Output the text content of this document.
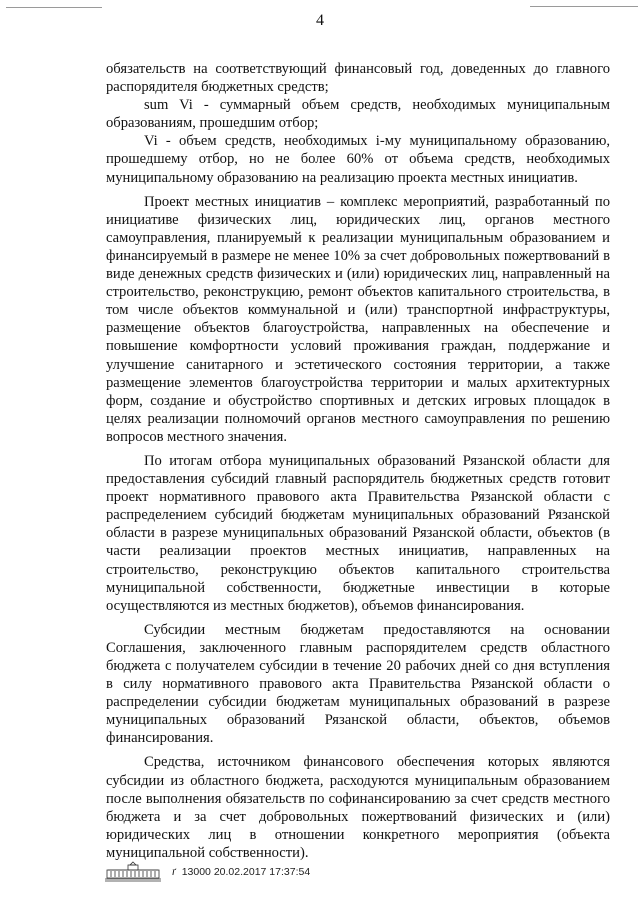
4

обязательств на соответствующий финансовый год, доведенных до главного распорядителя бюджетных средств;

sum Vi - суммарный объем средств, необходимых муниципальным образованиям, прошедшим отбор;

Vi - объем средств, необходимых i-му муниципальному образованию, прошедшему отбор, но не более 60% от объема средств, необходимых муниципальному образованию на реализацию проекта местных инициатив.

Проект местных инициатив – комплекс мероприятий, разработанный по инициативе физических лиц, юридических лиц, органов местного самоуправления, планируемый к реализации муниципальным образованием и финансируемый в размере не менее 10% за счет добровольных пожертвований в виде денежных средств физических и (или) юридических лиц, направленный на строительство, реконструкцию, ремонт объектов капитального строительства, в том числе объектов коммунальной и (или) транспортной инфраструктуры, размещение объектов благоустройства, направленных на обеспечение и повышение комфортности условий проживания граждан, поддержание и улучшение санитарного и эстетического состояния территории, а также размещение элементов благоустройства территории и малых архитектурных форм, создание и обустройство спортивных и детских игровых площадок в целях реализации полномочий органов местного самоуправления по решению вопросов местного значения.

По итогам отбора муниципальных образований Рязанской области для предоставления субсидий главный распорядитель бюджетных средств готовит проект нормативного правового акта Правительства Рязанской области с распределением субсидий бюджетам муниципальных образований Рязанской области в разрезе муниципальных образований Рязанской области, объектов (в части реализации проектов местных инициатив, направленных на строительство, реконструкцию объектов капитального строительства муниципальной собственности, бюджетные инвестиции в которые осуществляются из местных бюджетов), объемов финансирования.

Субсидии местным бюджетам предоставляются на основании Соглашения, заключенного главным распорядителем средств областного бюджета с получателем субсидии в течение 20 рабочих дней со дня вступления в силу нормативного правового акта Правительства Рязанской области о распределении субсидии бюджетам муниципальных образований в разрезе муниципальных образований Рязанской области, объектов, объемов финансирования.

Средства, источником финансового обеспечения которых являются субсидии из областного бюджета, расходуются муниципальным образованием после выполнения обязательств по софинансированию за счет средств местного бюджета и за счет добровольных пожертвований физических и (или) юридических лиц в отношении конкретного мероприятия (объекта муниципальной собственности).

ґ 13000 20.02.2017 17:37:54
